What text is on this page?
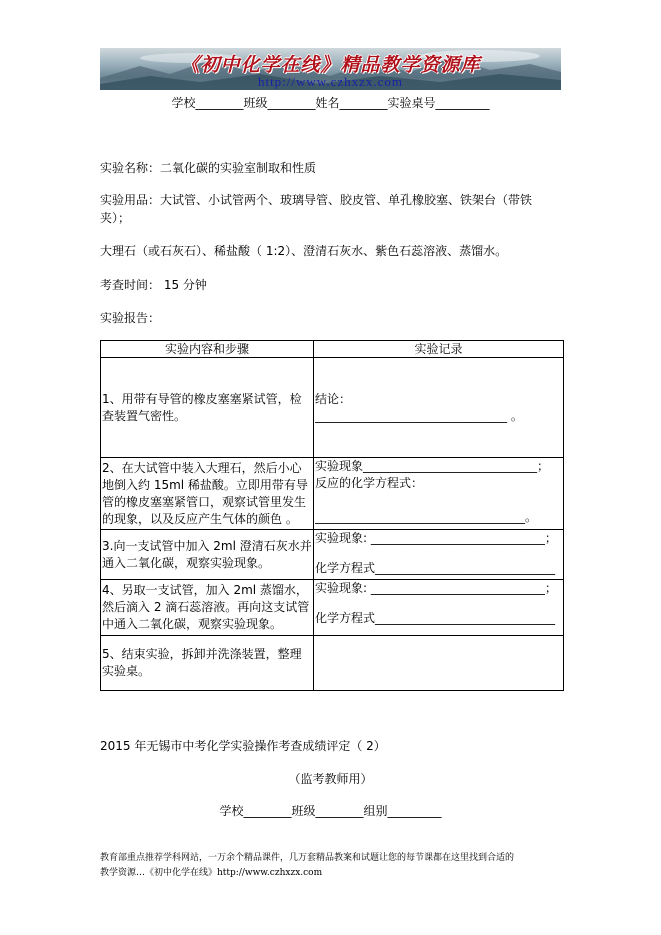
《初中化学在线》精品教学资源库
http://www.czhxzx.com
学校________班级________姓名________实验桌号_________
实验名称：二氧化碳的实验室制取和性质
实验用品：大试管、小试管两个、玻璃导管、胶皮管、单孔橡胶塞、铁架台（带铁夹）；
大理石（或石灰石）、稀盐酸（ 1:2）、澄清石灰水、紫色石蕊溶液、蒸馏水。
考查时间： 15 分钟
实验报告：
实验内容和步骤	实验记录
1、用带有导管的橡皮塞塞紧试管，检查装置气密性。	结论：
________________________________ 。

2、在大试管中装入大理石，然后小心地倒入约 15ml 稀盐酸。立即用带有导管的橡皮塞塞紧管口，观察试管里发生的现象，以及反应产生气体的颜色 。	实验现象_____________________________；
反应的化学方程式：
___________________________________。

3.向一支试管中加入 2ml 澄清石灰水并通入二氧化碳，观察实验现象。	实验现象: _____________________________；
化学方程式______________________________

4、另取一支试管，加入 2ml 蒸馏水，然后滴入 2 滴石蕊溶液。再向这支试管中通入二氧化碳，观察实验现象。	实验现象: _____________________________；
化学方程式______________________________

5、结束实验，拆卸并洗涤装置，整理实验桌。	
2015 年无锡市中考化学实验操作考查成绩评定（ 2）
（监考教师用）
学校________班级________组别_________
教育部重点推荐学科网站，一万余个精品课件，几万套精品教案和试题让您的每节课都在这里找到合适的
教学资源…《初中化学在线》http://www.czhxzx.com
